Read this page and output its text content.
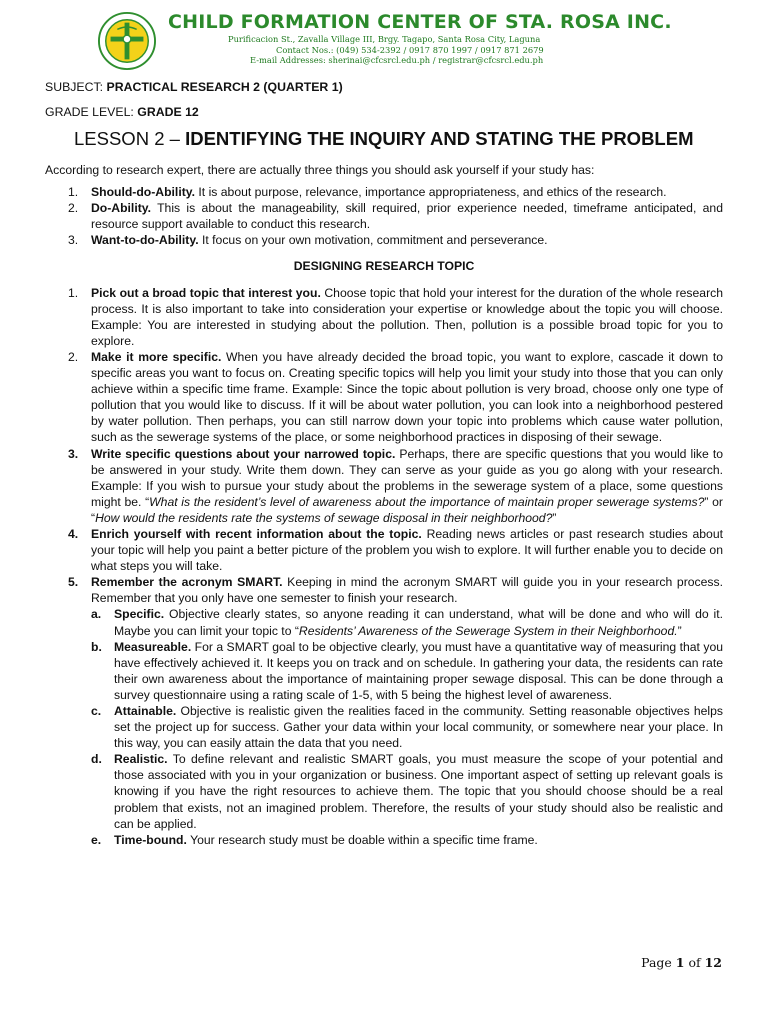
CHILD FORMATION CENTER OF STA. ROSA INC.
Purificacion St., Zavalla Village III, Brgy. Tagapo, Santa Rosa City, Laguna
Contact Nos.: (049) 534-2392 / 0917 870 1997 / 0917 871 2679
E-mail Addresses: sherinai@cfcsrcl.edu.ph / registrar@cfcsrcl.edu.ph
SUBJECT: PRACTICAL RESEARCH 2 (QUARTER 1)
GRADE LEVEL: GRADE 12
LESSON 2 – IDENTIFYING THE INQUIRY AND STATING THE PROBLEM

According to research expert, there are actually three things you should ask yourself if your study has:

1. Should-do-Ability. It is about purpose, relevance, importance appropriateness, and ethics of the research.
2. Do-Ability. This is about the manageability, skill required, prior experience needed, timeframe anticipated, and resource support available to conduct this research.
3. Want-to-do-Ability. It focus on your own motivation, commitment and perseverance.
DESIGNING RESEARCH TOPIC
1. Pick out a broad topic that interest you. Choose topic that hold your interest for the duration of the whole research process. It is also important to take into consideration your expertise or knowledge about the topic you will choose. Example: You are interested in studying about the pollution. Then, pollution is a possible broad topic for you to explore.
2. Make it more specific. When you have already decided the broad topic, you want to explore, cascade it down to specific areas you want to focus on. Creating specific topics will help you limit your study into those that you can only achieve within a specific time frame. Example: Since the topic about pollution is very broad, choose only one type of pollution that you would like to discuss. If it will be about water pollution, you can look into a neighborhood pestered by water pollution. Then perhaps, you can still narrow down your topic into problems which cause water pollution, such as the sewerage systems of the place, or some neighborhood practices in disposing of their sewage.
3. Write specific questions about your narrowed topic. Perhaps, there are specific questions that you would like to be answered in your study. Write them down. They can serve as your guide as you go along with your research. Example: If you wish to pursue your study about the problems in the sewerage system of a place, some questions might be. “What is the resident’s level of awareness about the importance of maintain proper sewerage systems?” or “How would the residents rate the systems of sewage disposal in their neighborhood?”
4. Enrich yourself with recent information about the topic. Reading news articles or past research studies about your topic will help you paint a better picture of the problem you wish to explore. It will further enable you to decide on what steps you will take.
5. Remember the acronym SMART. Keeping in mind the acronym SMART will guide you in your research process. Remember that you only have one semester to finish your research.
a. Specific. Objective clearly states, so anyone reading it can understand, what will be done and who will do it. Maybe you can limit your topic to “Residents’ Awareness of the Sewerage System in their Neighborhood.”
b. Measureable. For a SMART goal to be objective clearly, you must have a quantitative way of measuring that you have effectively achieved it. It keeps you on track and on schedule. In gathering your data, the residents can rate their own awareness about the importance of maintaining proper sewage disposal. This can be done through a survey questionnaire using a rating scale of 1-5, with 5 being the highest level of awareness.
c. Attainable. Objective is realistic given the realities faced in the community. Setting reasonable objectives helps set the project up for success. Gather your data within your local community, or somewhere near your place. In this way, you can easily attain the data that you need.
d. Realistic. To define relevant and realistic SMART goals, you must measure the scope of your potential and those associated with you in your organization or business. One important aspect of setting up relevant goals is knowing if you have the right resources to achieve them. The topic that you should choose should be a real problem that exists, not an imagined problem. Therefore, the results of your study should also be realistic and can be applied.
e. Time-bound. Your research study must be doable within a specific time frame.
Page 1 of 12
